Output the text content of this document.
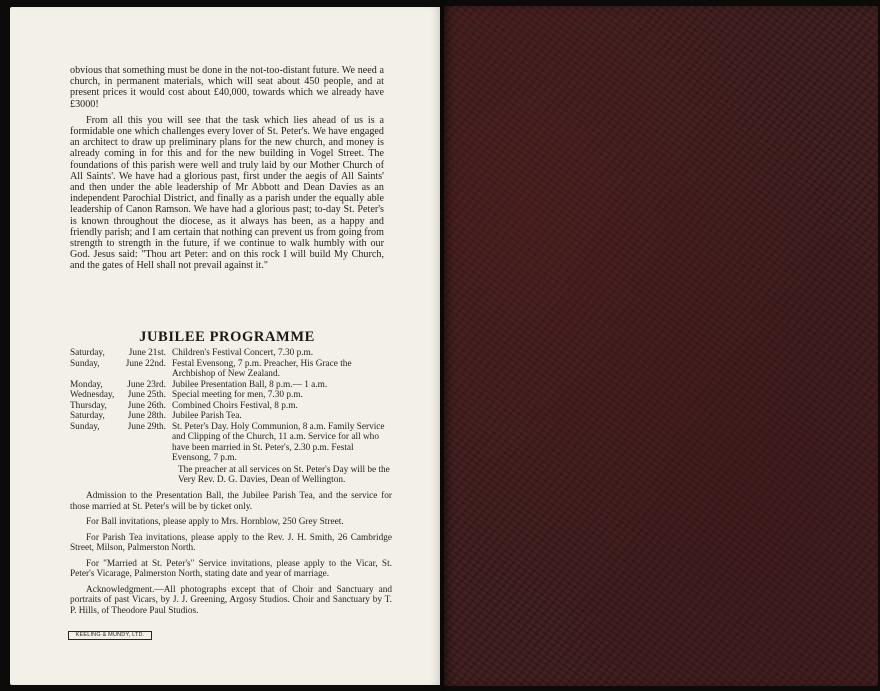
obvious that something must be done in the not-too-distant future. We need a church, in permanent materials, which will seat about 450 people, and at present prices it would cost about £40,000, towards which we already have £3000!

From all this you will see that the task which lies ahead of us is a formidable one which challenges every lover of St. Peter's. We have engaged an architect to draw up preliminary plans for the new church, and money is already coming in for this and for the new building in Vogel Street. The foundations of this parish were well and truly laid by our Mother Church of All Saints'. We have had a glorious past, first under the aegis of All Saints' and then under the able leadership of Mr Abbott and Dean Davies as an independent Parochial District, and finally as a parish under the equally able leadership of Canon Ramson. We have had a glorious past; to-day St. Peter's is known throughout the diocese, as it always has been, as a happy and friendly parish; and I am certain that nothing can prevent us from going from strength to strength in the future, if we continue to walk humbly with our God. Jesus said: "Thou art Peter: and on this rock I will build My Church, and the gates of Hell shall not prevail against it."

JUBILEE PROGRAMME
Saturday,	June 21st. Children's Festival Concert, 7.30 p.m.
Sunday,	June 22nd. Festal Evensong, 7 p.m. Preacher, His Grace the Archbishop of New Zealand.
Monday,	June 23rd. Jubilee Presentation Ball, 8 p.m.— 1 a.m.
Wednesday,	June 25th. Special meeting for men, 7.30 p.m.
Thursday,	June 26th. Combined Choirs Festival, 8 p.m.
Saturday,	June 28th. Jubilee Parish Tea.
Sunday,	June 29th. St. Peter's Day. Holy Communion, 8 a.m. Family Service and Clipping of the Church, 11 a.m. Service for all who have been married in St. Peter's, 2.30 p.m. Festal Evensong, 7 p.m.

The preacher at all services on St. Peter's Day will be the Very Rev. D. G. Davies, Dean of Wellington.

Admission to the Presentation Ball, the Jubilee Parish Tea, and the service for those married at St. Peter's will be by ticket only.

For Ball invitations, please apply to Mrs. Hornblow, 250 Grey Street.

For Parish Tea invitations, please apply to the Rev. J. H. Smith, 26 Cambridge Street, Milson, Palmerston North.

For "Married at St. Peter's" Service invitations, please apply to the Vicar, St. Peter's Vicarage, Palmerston North, stating date and year of marriage.

Acknowledgment.—All photographs except that of Choir and Sanctuary and portraits of past Vicars, by J. J. Greening, Argosy Studios. Choir and Sanctuary by T. P. Hills, of Theodore Paul Studios.

KEELING & MUNDY, LTD.
